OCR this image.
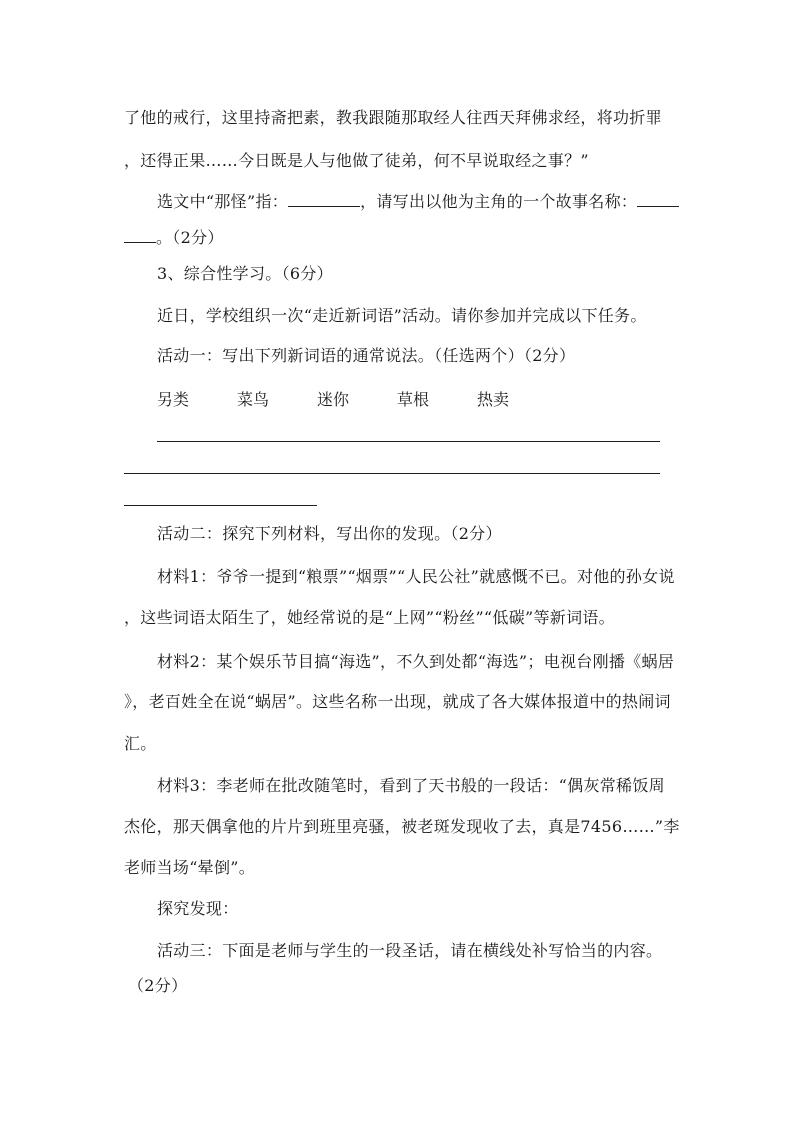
了他的戒行，这里持斋把素，教我跟随那取经人往西天拜佛求经，将功折罪
，还得正果……今日既是人与他做了徒弟，何不早说取经之事？”
选文中“那怪”指：	，请写出以他为主角的一个故事名称：
。（2分）
3、综合性学习。（6分）
近日，学校组织一次“走近新词语”活动。请你参加并完成以下任务。
活动一：写出下列新词语的通常说法。（任选两个）（2分）
另类	菜鸟	迷你	草根	热卖
活动二：探究下列材料，写出你的发现。（2分）
材料1：爷爷一提到“粮票”“烟票”“人民公社”就感慨不已。对他的孙女说
，这些词语太陌生了，她经常说的是“上网”“粉丝”“低碳”等新词语。
材料2：某个娱乐节目搞“海选”，不久到处都“海选”；电视台刚播《蜗居
》，老百姓全在说“蜗居”。这些名称一出现，就成了各大媒体报道中的热闹词
汇。
材料3：李老师在批改随笔时，看到了天书般的一段话：“偶灰常稀饭周
杰伦，那天偶拿他的片片到班里亮骚，被老斑发现收了去，真是7456……”李
老师当场“晕倒”。
探究发现：
活动三：下面是老师与学生的一段圣话，请在横线处补写恰当的内容。
（2分）
